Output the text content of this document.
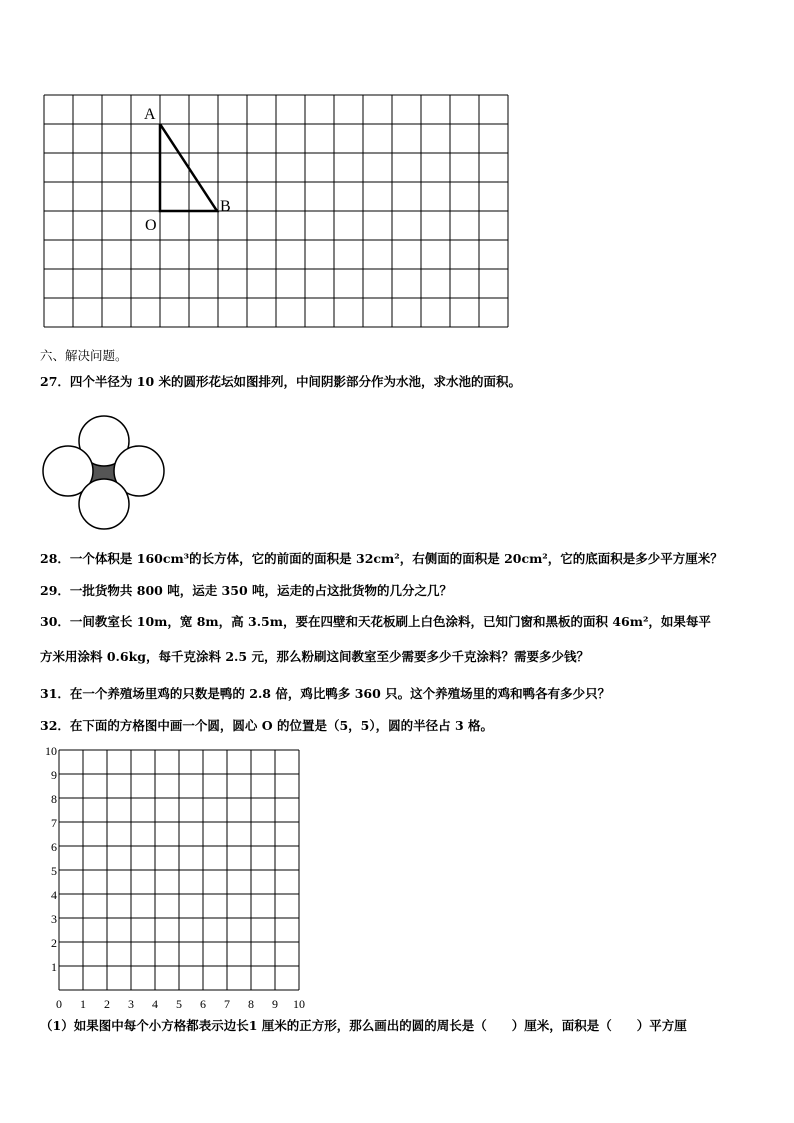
A
B
O
六、解决问题。
27．四个半径为 10 米的圆形花坛如图排列，中间阴影部分作为水池，求水池的面积。
28．一个体积是 160cm³的长方体，它的前面的面积是 32cm²，右侧面的面积是 20cm²，它的底面积是多少平方厘米？
29．一批货物共 800 吨，运走 350 吨，运走的占这批货物的几分之几？
30．一间教室长 10m，宽 8m，高 3.5m，要在四壁和天花板刷上白色涂料，已知门窗和黑板的面积 46m²，如果每平
方米用涂料 0.6kg，每千克涂料 2.5 元，那么粉刷这间教室至少需要多少千克涂料？需要多少钱？
31．在一个养殖场里鸡的只数是鸭的 2.8 倍，鸡比鸭多 360 只。这个养殖场里的鸡和鸭各有多少只？
32．在下面的方格图中画一个圆，圆心 O 的位置是（5，5），圆的半径占 3 格。
10
9
8
7
6
5
4
3
2
1
0 1 2 3 4 5 6 7 8 9 10
（1）如果图中每个小方格都表示边长1 厘米的正方形，那么画出的圆的周长是（　　）厘米，面积是（　　）平方厘
